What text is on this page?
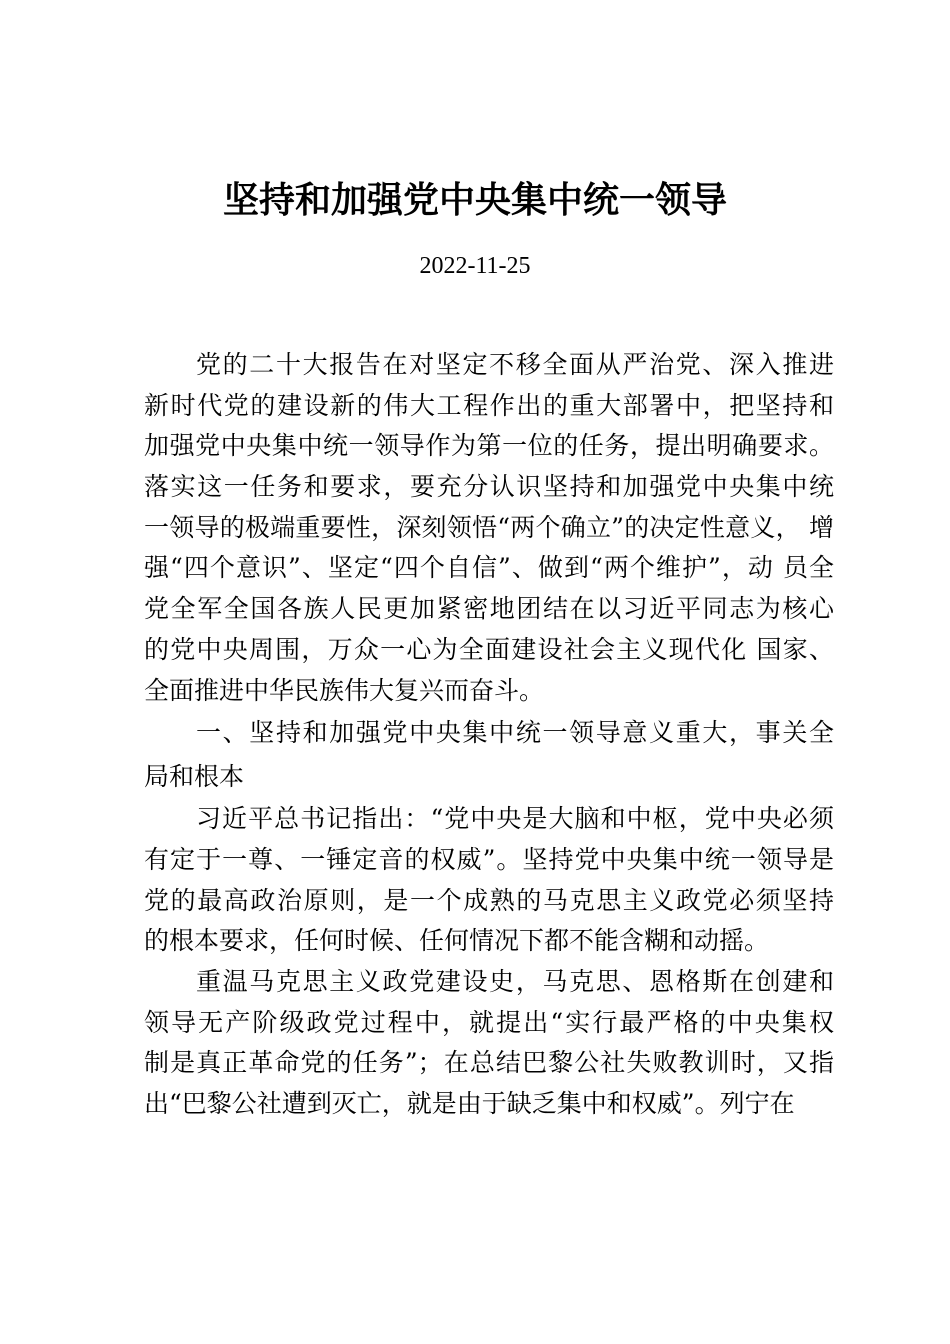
坚持和加强党中央集中统一领导
2022-11-25
党的二十大报告在对坚定不移全面从严治党、深入推进
新时代党的建设新的伟大工程作出的重大部署中，把坚持和
加强党中央集中统一领导作为第一位的任务，提出明确要求。
落实这一任务和要求，要充分认识坚持和加强党中央集中统
一领导的极端重要性，深刻领悟“两个确立”的决定性意义， 增
强“四个意识”、坚定“四个自信”、做到“两个维护”，动 员全
党全军全国各族人民更加紧密地团结在以习近平同志为核心
的党中央周围，万众一心为全面建设社会主义现代化 国家、
全面推进中华民族伟大复兴而奋斗。
一、坚持和加强党中央集中统一领导意义重大，事关全
局和根本
习近平总书记指出：“党中央是大脑和中枢，党中央必须
有定于一尊、一锤定音的权威”。坚持党中央集中统一领导是
党的最高政治原则，是一个成熟的马克思主义政党必须坚持
的根本要求，任何时候、任何情况下都不能含糊和动摇。
重温马克思主义政党建设史，马克思、恩格斯在创建和
领导无产阶级政党过程中，就提出“实行最严格的中央集权
制是真正革命党的任务”；在总结巴黎公社失败教训时，又指
出“巴黎公社遭到灭亡，就是由于缺乏集中和权威”。列宁在
